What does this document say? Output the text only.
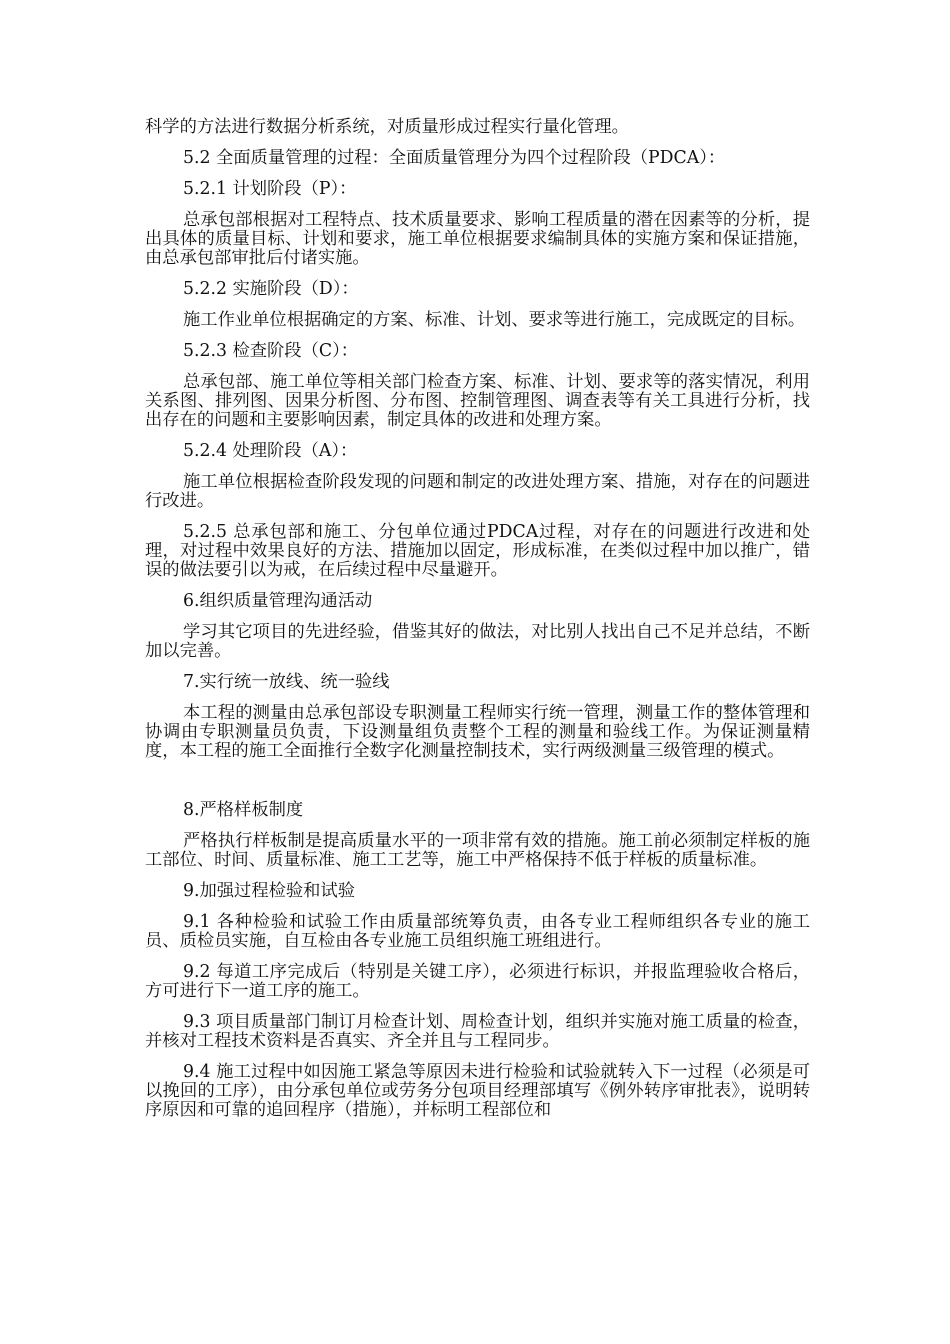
科学的方法进行数据分析系统，对质量形成过程实行量化管理。

5.2 全面质量管理的过程：全面质量管理分为四个过程阶段（PDCA）：

5.2.1 计划阶段（P）：

总承包部根据对工程特点、技术质量要求、影响工程质量的潜在因素等的分析，提出具体的质量目标、计划和要求，施工单位根据要求编制具体的实施方案和保证措施，由总承包部审批后付诸实施。

5.2.2 实施阶段（D）：

施工作业单位根据确定的方案、标准、计划、要求等进行施工，完成既定的目标。

5.2.3 检查阶段（C）：

总承包部、施工单位等相关部门检查方案、标准、计划、要求等的落实情况，利用关系图、排列图、因果分析图、分布图、控制管理图、调查表等有关工具进行分析，找出存在的问题和主要影响因素，制定具体的改进和处理方案。

5.2.4 处理阶段（A）：

施工单位根据检查阶段发现的问题和制定的改进处理方案、措施，对存在的问题进行改进。

5.2.5 总承包部和施工、分包单位通过PDCA过程，对存在的问题进行改进和处理，对过程中效果良好的方法、措施加以固定，形成标准，在类似过程中加以推广，错误的做法要引以为戒，在后续过程中尽量避开。

6.组织质量管理沟通活动

学习其它项目的先进经验，借鉴其好的做法，对比别人找出自己不足并总结，不断加以完善。

7.实行统一放线、统一验线

本工程的测量由总承包部设专职测量工程师实行统一管理，测量工作的整体管理和协调由专职测量员负责，下设测量组负责整个工程的测量和验线工作。为保证测量精度，本工程的施工全面推行全数字化测量控制技术，实行两级测量三级管理的模式。

8.严格样板制度

严格执行样板制是提高质量水平的一项非常有效的措施。施工前必须制定样板的施工部位、时间、质量标准、施工工艺等，施工中严格保持不低于样板的质量标准。

9.加强过程检验和试验

9.1 各种检验和试验工作由质量部统筹负责，由各专业工程师组织各专业的施工员、质检员实施，自互检由各专业施工员组织施工班组进行。

9.2 每道工序完成后（特别是关键工序），必须进行标识，并报监理验收合格后，方可进行下一道工序的施工。

9.3 项目质量部门制订月检查计划、周检查计划，组织并实施对施工质量的检查，并核对工程技术资料是否真实、齐全并且与工程同步。

9.4 施工过程中如因施工紧急等原因未进行检验和试验就转入下一过程（必须是可以挽回的工序），由分承包单位或劳务分包项目经理部填写《例外转序审批表》，说明转序原因和可靠的追回程序（措施），并标明工程部位和
